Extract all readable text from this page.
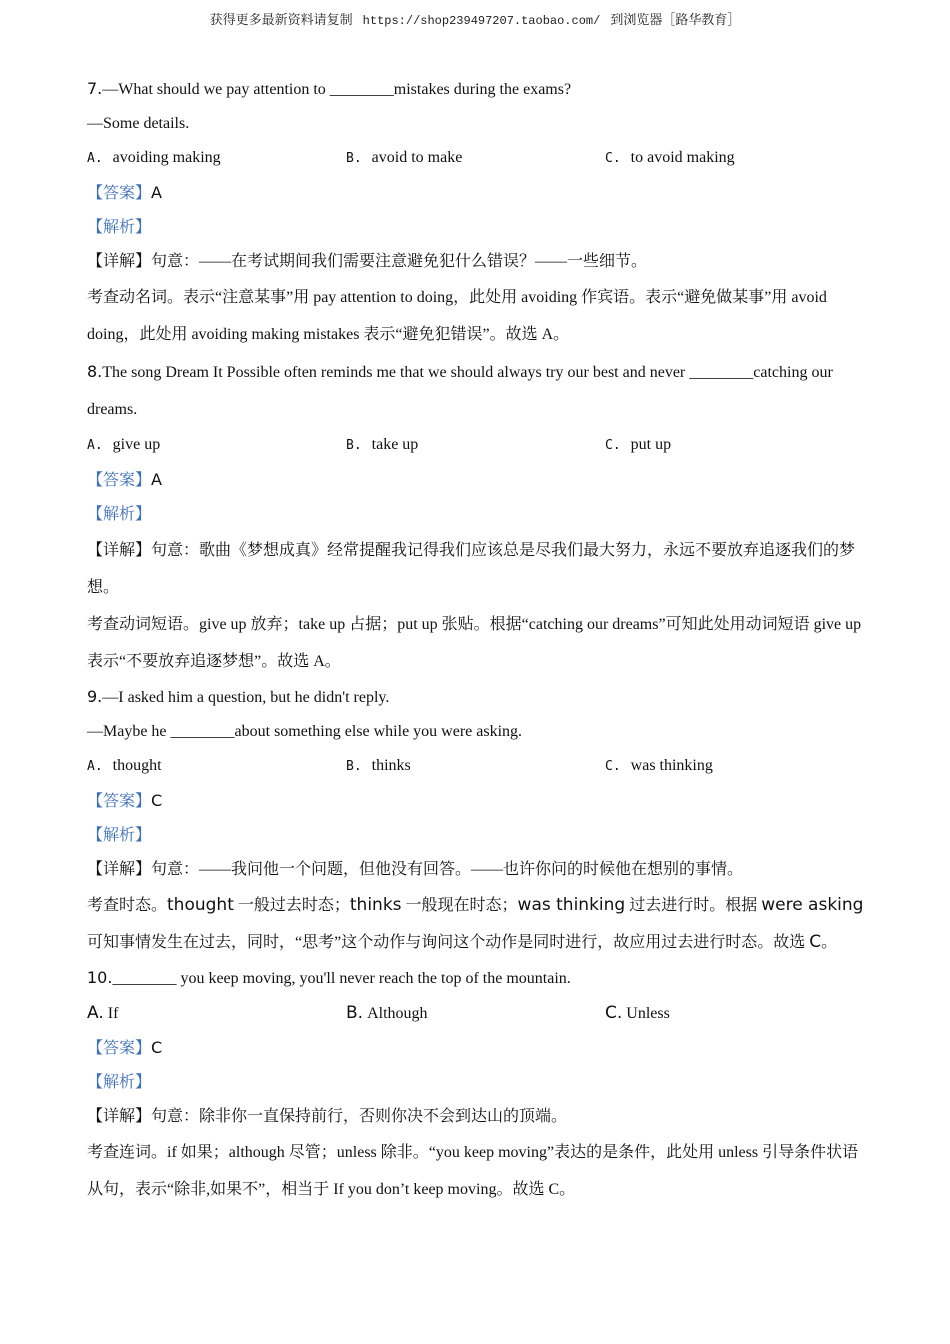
获得更多最新资料请复制 https://shop239497207.taobao.com/ 到浏览器［路华教育］

7.—What should we pay attention to ________mistakes during the exams?

—Some details.

A. avoiding making	B. avoid to make	C. to avoid making

【答案】A

【解析】

【详解】句意：——在考试期间我们需要注意避免犯什么错误？——一些细节。

考查动名词。表示“注意某事”用 pay attention to doing，此处用 avoiding 作宾语。表示“避免做某事”用 avoid doing，此处用 avoiding making mistakes 表示“避免犯错误”。故选 A。

8.The song Dream It Possible often reminds me that we should always try our best and never ________catching our dreams.

A. give up	B. take up	C. put up

【答案】A

【解析】

【详解】句意：歌曲《梦想成真》经常提醒我记得我们应该总是尽我们最大努力，永远不要放弃追逐我们的梦想。

考查动词短语。give up 放弃；take up 占据；put up 张贴。根据“catching our dreams”可知此处用动词短语 give up 表示“不要放弃追逐梦想”。故选 A。

9.—I asked him a question, but he didn't reply.

—Maybe he ________about something else while you were asking.

A. thought	B. thinks	C. was thinking

【答案】C

【解析】

【详解】句意：——我问他一个问题，但他没有回答。——也许你问的时候他在想别的事情。

考查时态。thought 一般过去时态；thinks 一般现在时态；was thinking 过去进行时。根据 were asking 可知事情发生在过去，同时，“思考”这个动作与询问这个动作是同时进行，故应用过去进行时态。故选 C。

10.________ you keep moving, you'll never reach the top of the mountain.

A. If	B. Although	C. Unless

【答案】C

【解析】

【详解】句意：除非你一直保持前行，否则你决不会到达山的顶端。

考查连词。if 如果；although 尽管；unless 除非。“you keep moving”表达的是条件，此处用 unless 引导条件状语从句，表示“除非,如果不”，相当于 If you don’t keep moving。故选 C。
